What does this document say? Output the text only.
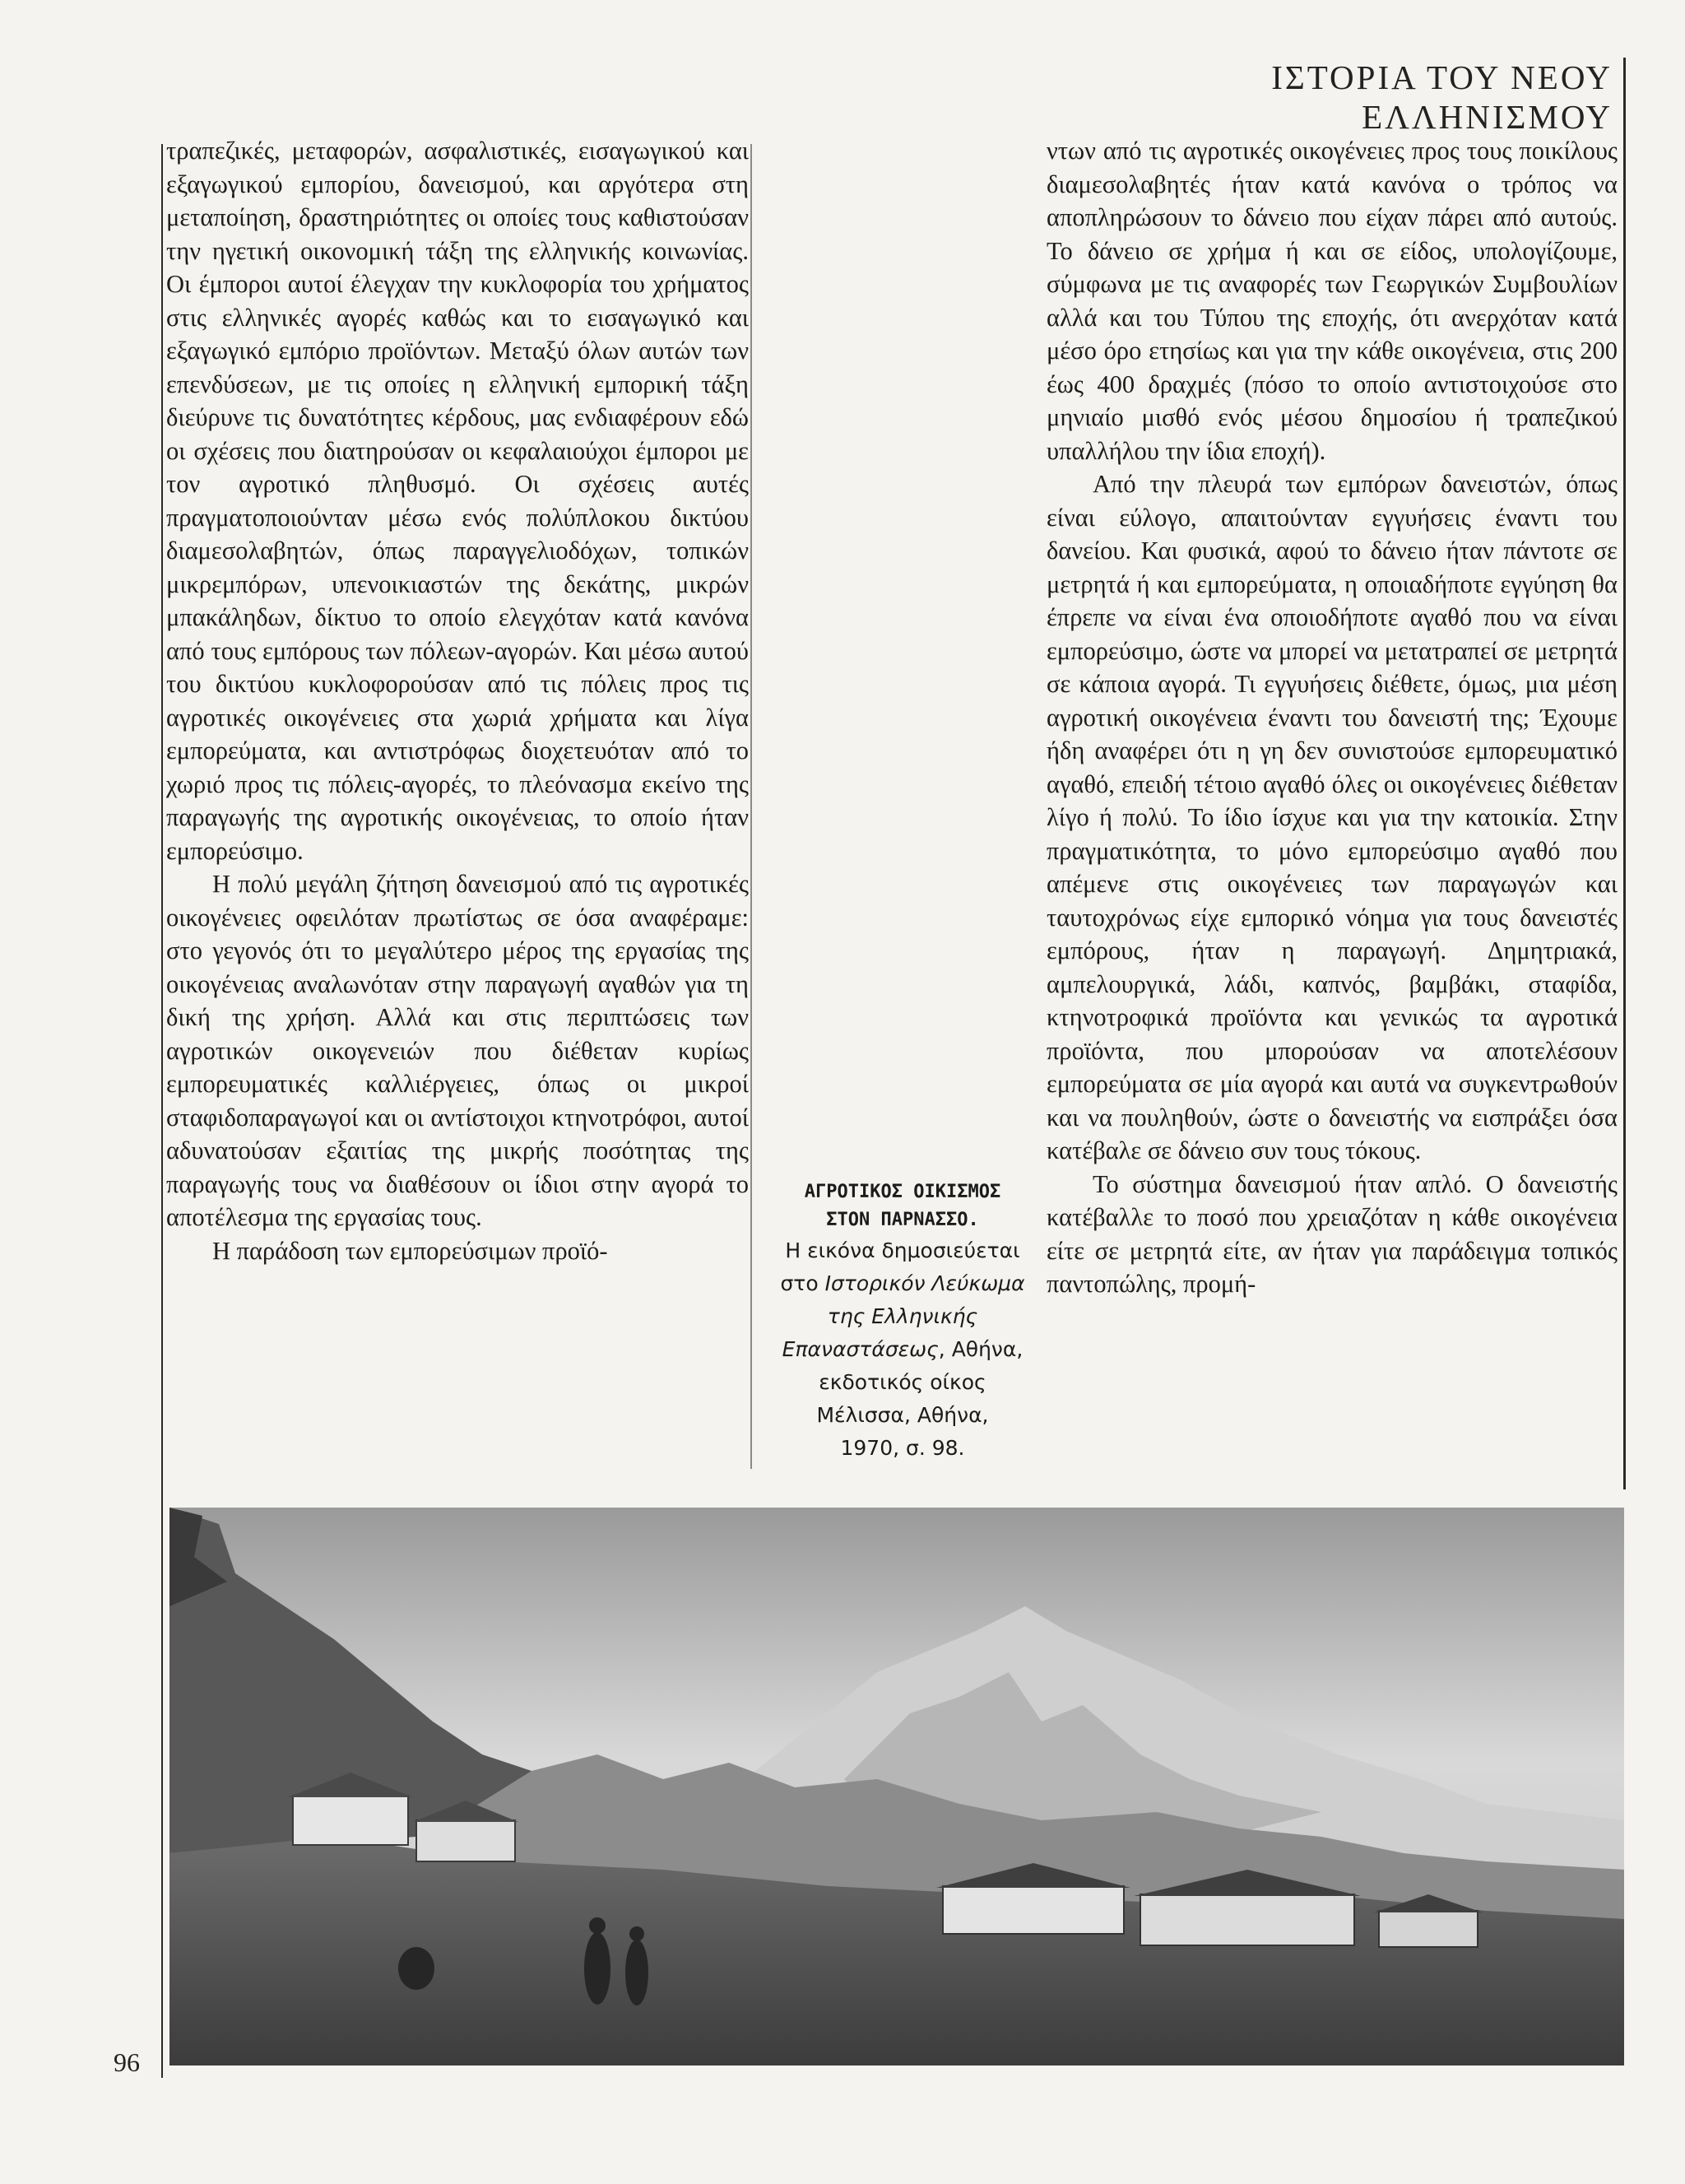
ΙΣΤΟΡΙΑ ΤΟΥ ΝΕΟΥ ΕΛΛΗΝΙΣΜΟΥ

τραπεζικές, μεταφορών, ασφαλιστικές, εισαγωγικού και εξαγωγικού εμπορίου, δανεισμού, και αργότερα στη μεταποίηση, δραστηριότητες οι οποίες τους καθιστούσαν την ηγετική οικονομική τάξη της ελληνικής κοινωνίας. Οι έμποροι αυτοί έλεγχαν την κυκλοφορία του χρήματος στις ελληνικές αγορές καθώς και το εισαγωγικό και εξαγωγικό εμπόριο προϊόντων. Μεταξύ όλων αυτών των επενδύσεων, με τις οποίες η ελληνική εμπορική τάξη διεύρυνε τις δυνατότητες κέρδους, μας ενδιαφέρουν εδώ οι σχέσεις που διατηρούσαν οι κεφαλαιούχοι έμποροι με τον αγροτικό πληθυσμό. Οι σχέσεις αυτές πραγματοποιούνταν μέσω ενός πολύπλοκου δικτύου διαμεσολαβητών, όπως παραγγελιοδόχων, τοπικών μικρεμπόρων, υπενοικιαστών της δεκάτης, μικρών μπακάληδων, δίκτυο το οποίο ελεγχόταν κατά κανόνα από τους εμπόρους των πόλεων-αγορών. Και μέσω αυτού του δικτύου κυκλοφορούσαν από τις πόλεις προς τις αγροτικές οικογένειες στα χωριά χρήματα και λίγα εμπορεύματα, και αντιστρόφως διοχετευόταν από το χωριό προς τις πόλεις-αγορές, το πλεόνασμα εκείνο της παραγωγής της αγροτικής οικογένειας, το οποίο ήταν εμπορεύσιμο.

Η πολύ μεγάλη ζήτηση δανεισμού από τις αγροτικές οικογένειες οφειλόταν πρωτίστως σε όσα αναφέραμε: στο γεγονός ότι το μεγαλύτερο μέρος της εργασίας της οικογένειας αναλωνόταν στην παραγωγή αγαθών για τη δική της χρήση. Αλλά και στις περιπτώσεις των αγροτικών οικογενειών που διέθεταν κυρίως εμπορευματικές καλλιέργειες, όπως οι μικροί σταφιδοπαραγωγοί και οι αντίστοιχοι κτηνοτρόφοι, αυτοί αδυνατούσαν εξαιτίας της μικρής ποσότητας της παραγωγής τους να διαθέσουν οι ίδιοι στην αγορά το αποτέλεσμα της εργασίας τους.

Η παράδοση των εμπορεύσιμων προϊό-

ντων από τις αγροτικές οικογένειες προς τους ποικίλους διαμεσολαβητές ήταν κατά κανόνα ο τρόπος να αποπληρώσουν το δάνειο που είχαν πάρει από αυτούς. Το δάνειο σε χρήμα ή και σε είδος, υπολογίζουμε, σύμφωνα με τις αναφορές των Γεωργικών Συμβουλίων αλλά και του Τύπου της εποχής, ότι ανερχόταν κατά μέσο όρο ετησίως και για την κάθε οικογένεια, στις 200 έως 400 δραχμές (πόσο το οποίο αντιστοιχούσε στο μηνιαίο μισθό ενός μέσου δημοσίου ή τραπεζικού υπαλλήλου την ίδια εποχή).

Από την πλευρά των εμπόρων δανειστών, όπως είναι εύλογο, απαιτούνταν εγγυήσεις έναντι του δανείου. Και φυσικά, αφού το δάνειο ήταν πάντοτε σε μετρητά ή και εμπορεύματα, η οποιαδήποτε εγγύηση θα έπρεπε να είναι ένα οποιοδήποτε αγαθό που να είναι εμπορεύσιμο, ώστε να μπορεί να μετατραπεί σε μετρητά σε κάποια αγορά. Τι εγγυήσεις διέθετε, όμως, μια μέση αγροτική οικογένεια έναντι του δανειστή της; Έχουμε ήδη αναφέρει ότι η γη δεν συνιστούσε εμπορευματικό αγαθό, επειδή τέτοιο αγαθό όλες οι οικογένειες διέθεταν λίγο ή πολύ. Το ίδιο ίσχυε και για την κατοικία. Στην πραγματικότητα, το μόνο εμπορεύσιμο αγαθό που απέμενε στις οικογένειες των παραγωγών και ταυτοχρόνως είχε εμπορικό νόημα για τους δανειστές εμπόρους, ήταν η παραγωγή. Δημητριακά, αμπελουργικά, λάδι, καπνός, βαμβάκι, σταφίδα, κτηνοτροφικά προϊόντα και γενικώς τα αγροτικά προϊόντα, που μπορούσαν να αποτελέσουν εμπορεύματα σε μία αγορά και αυτά να συγκεντρωθούν και να πουληθούν, ώστε ο δανειστής να εισπράξει όσα κατέβαλε σε δάνειο συν τους τόκους.

Το σύστημα δανεισμού ήταν απλό. Ο δανειστής κατέβαλλε το ποσό που χρειαζόταν η κάθε οικογένεια είτε σε μετρητά είτε, αν ήταν για παράδειγμα τοπικός παντοπώλης, προμή-

ΑΓΡΟΤΙΚΟΣ ΟΙΚΙΣΜΟΣ
ΣΤΟΝ ΠΑΡΝΑΣΣΟ.
Η εικόνα δημοσιεύεται
στο Ιστορικόν Λεύκωμα
της Ελληνικής
Επαναστάσεως, Αθήνα,
εκδοτικός οίκος
Μέλισσα, Αθήνα,
1970, σ. 98.
96
